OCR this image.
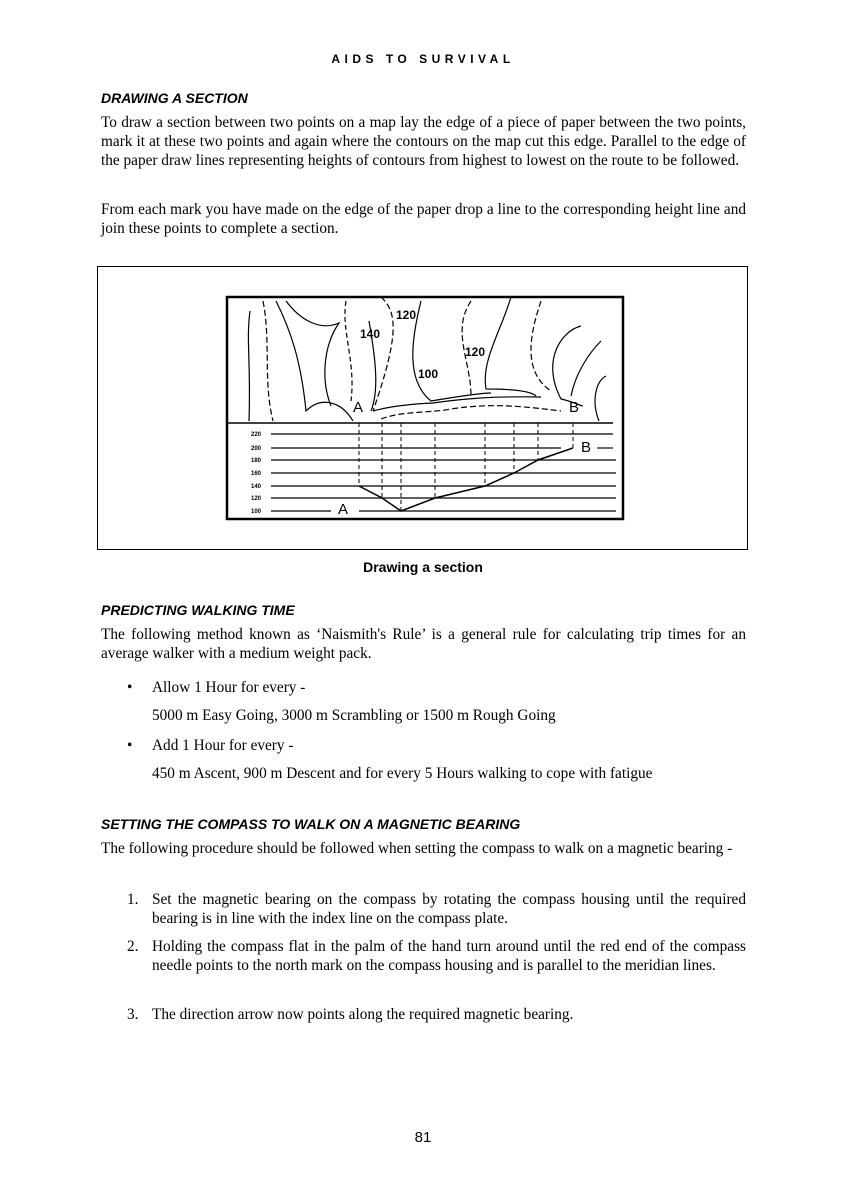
AIDS TO SURVIVAL
DRAWING A SECTION
To draw a section between two points on a map lay the edge of a piece of paper between the two points, mark it at these two points and again where the contours on the map cut this edge. Parallel to the edge of the paper draw lines representing heights of contours from highest to lowest on the route to be followed.
From each mark you have made on the edge of the paper drop a line to the corresponding height line and join these points to complete a section.
120
140
120
100
A	B
A
B
220
200
180
160
140
120
100
Drawing a section
PREDICTING WALKING TIME
The following method known as ‘Naismith's Rule’ is a general rule for calculating trip times for an average walker with a medium weight pack.
• Allow 1 Hour for every -
5000 m Easy Going, 3000 m Scrambling or 1500 m Rough Going
• Add 1 Hour for every -
450 m Ascent, 900 m Descent and for every 5 Hours walking to cope with fatigue
SETTING THE COMPASS TO WALK ON A MAGNETIC BEARING
The following procedure should be followed when setting the compass to walk on a magnetic bearing -
1. Set the magnetic bearing on the compass by rotating the compass housing until the required bearing is in line with the index line on the compass plate.
2. Holding the compass flat in the palm of the hand turn around until the red end of the compass needle points to the north mark on the compass housing and is parallel to the meridian lines.
3. The direction arrow now points along the required magnetic bearing.
81
